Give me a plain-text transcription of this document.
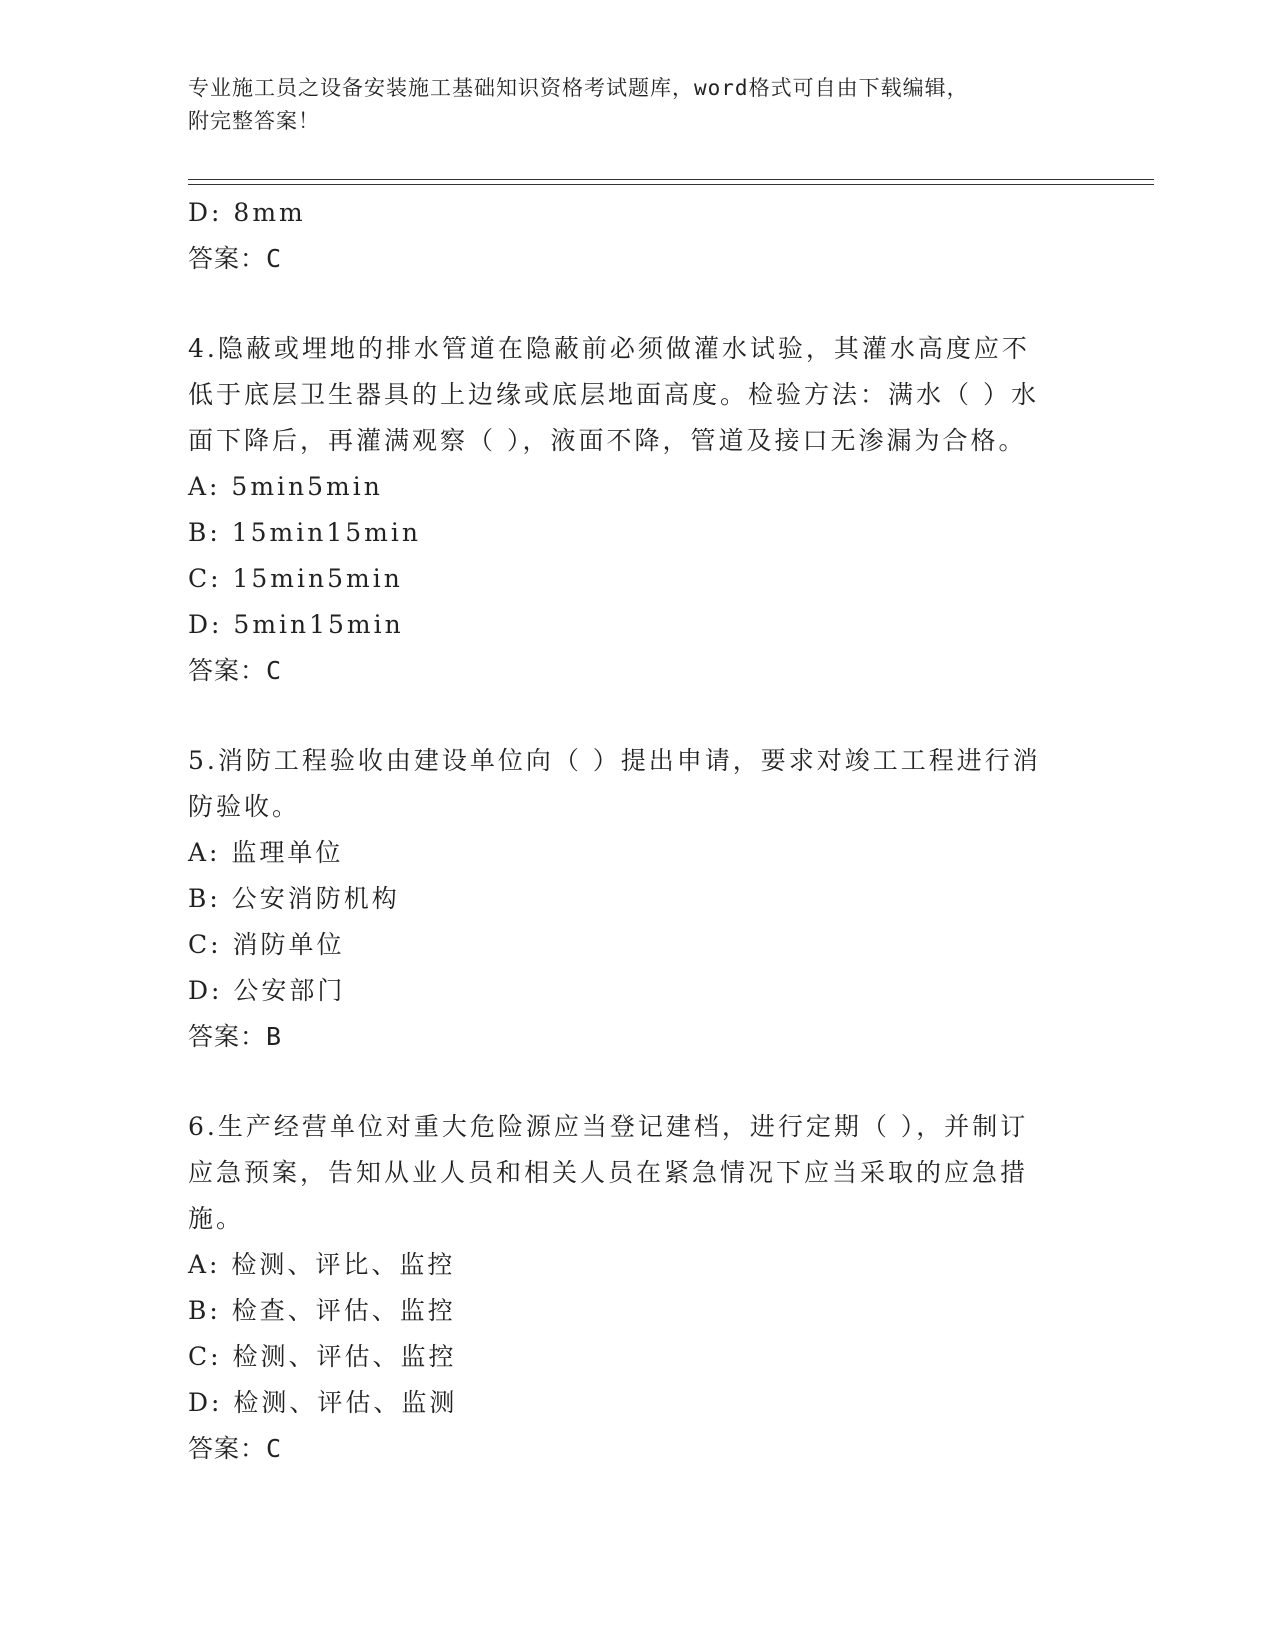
专业施工员之设备安装施工基础知识资格考试题库，word格式可自由下载编辑，
附完整答案！
D: 8mm
答案：C
4.隐蔽或埋地的排水管道在隐蔽前必须做灌水试验，其灌水高度应不
低于底层卫生器具的上边缘或底层地面高度。检验方法：满水（ ）水
面下降后，再灌满观察（ ），液面不降，管道及接口无渗漏为合格。
A: 5min5min
B: 15min15min
C: 15min5min
D: 5min15min
答案：C
5.消防工程验收由建设单位向（ ）提出申请，要求对竣工工程进行消
防验收。
A: 监理单位
B: 公安消防机构
C: 消防单位
D: 公安部门
答案：B
6.生产经营单位对重大危险源应当登记建档，进行定期（ ），并制订
应急预案，告知从业人员和相关人员在紧急情况下应当采取的应急措
施。
A: 检测、评比、监控
B: 检查、评估、监控
C: 检测、评估、监控
D: 检测、评估、监测
答案：C
